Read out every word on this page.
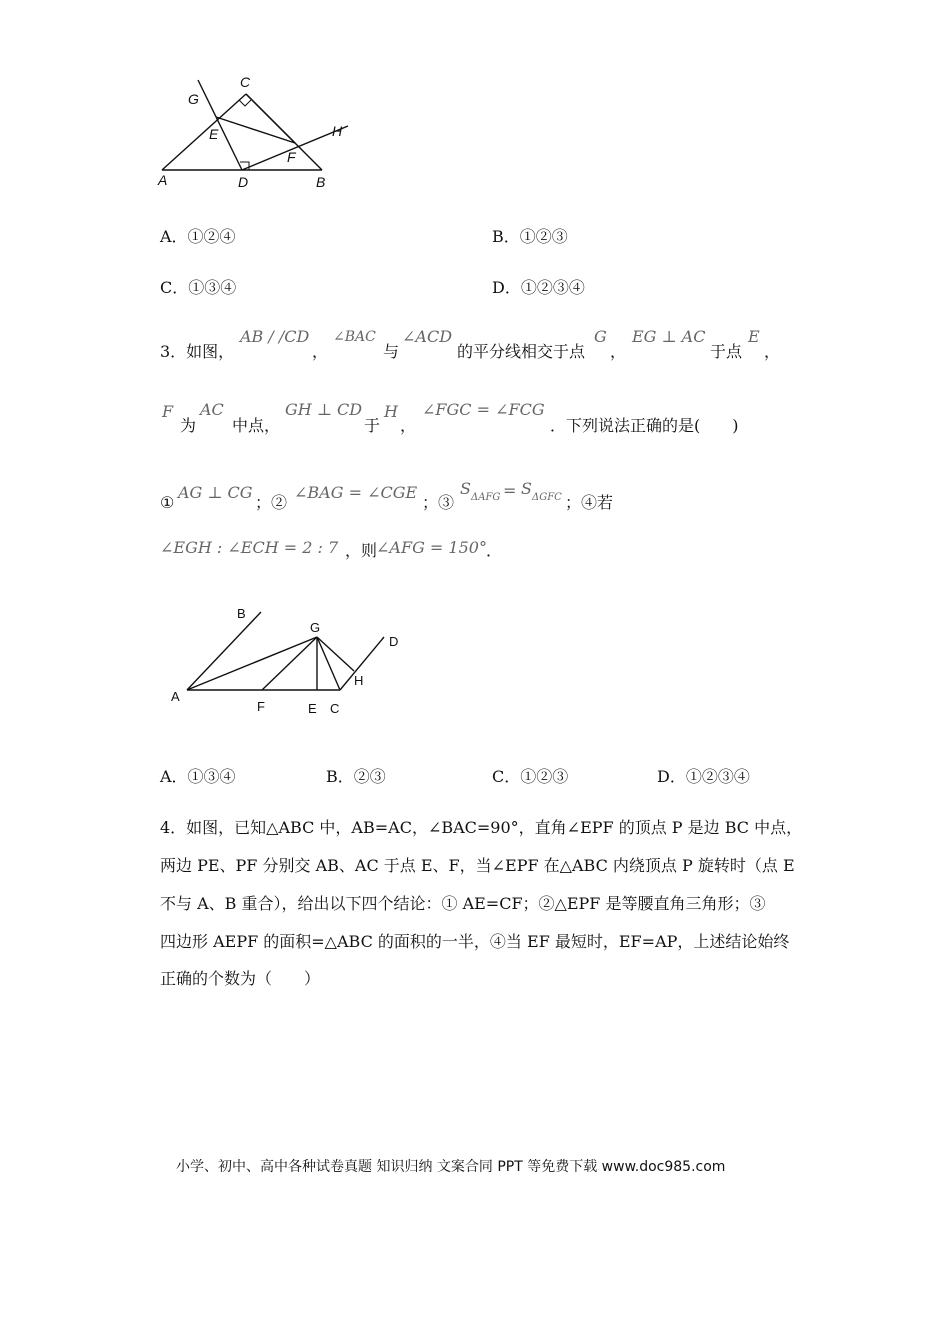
C
G
H
E
F
A	D	B
A．①②④	B．①②③
C．①③④	D．①②③④
3．如图，
AB / /CD
，
∠BAC
与
∠ACD
的平分线相交于点
G
，
EG ⊥ AC
于点
E
，
F
为
AC
中点，
GH ⊥ CD
于
H
，
∠FGC = ∠FCG
．下列说法正确的是(　　)
①
AG ⊥ CG
；②
∠BAG = ∠CGE
；③
S ΔAFG = S ΔGFC ；④若
∠EGH : ∠ECH = 2 : 7 ，则
∠AFG = 150° ．
B
G
D
H
A
F	E C
A．①③④	B．②③	C．①②③	D．①②③④
4．如图，已知△ABC 中，AB=AC，∠BAC=90°，直角∠EPF 的顶点 P 是边 BC 中点，
两边 PE、PF 分别交 AB、AC 于点 E、F，当∠EPF 在△ABC 内绕顶点 P 旋转时（点 E
不与 A、B 重合），给出以下四个结论：① AE=CF；②△EPF 是等腰直角三角形；③
四边形 AEPF 的面积=△ABC 的面积的一半，④当 EF 最短时，EF=AP，上述结论始终
正确的个数为（　　）
小学、初中、高中各种试卷真题 知识归纳 文案合同 PPT 等免费下载 www.doc985.com
